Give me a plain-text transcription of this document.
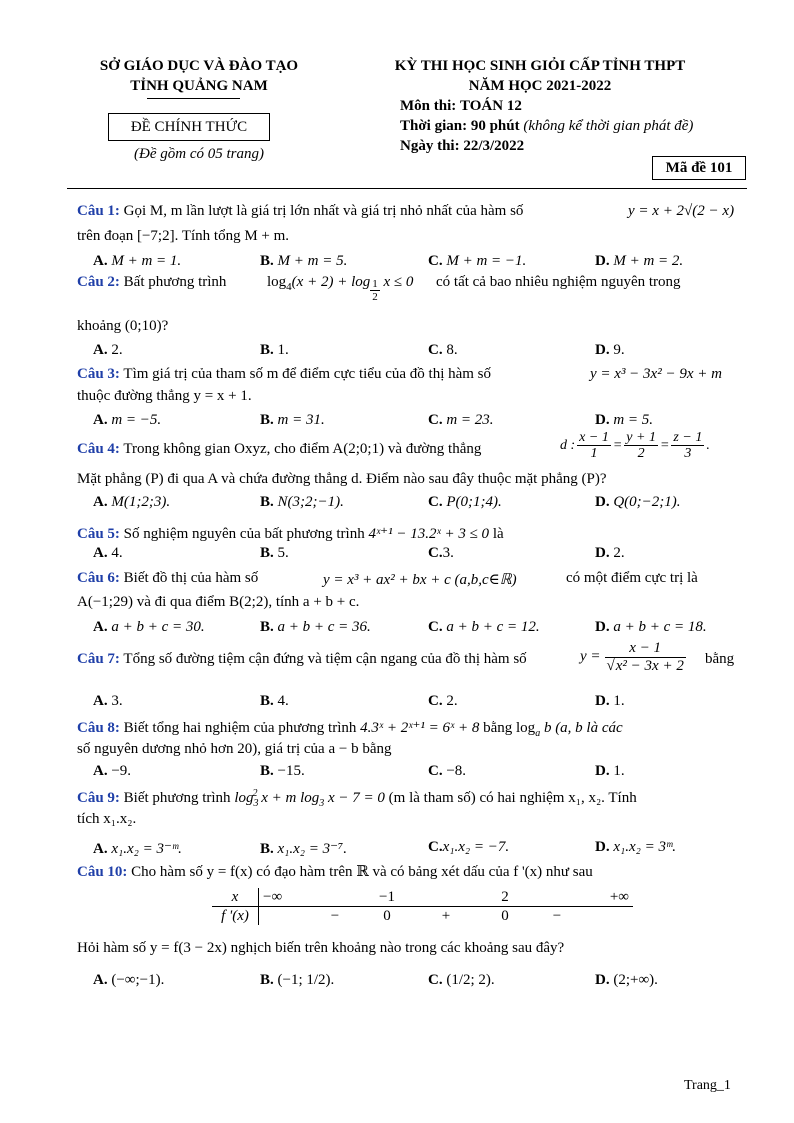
SỞ GIÁO DỤC VÀ ĐÀO TẠO
TỈNH QUẢNG NAM
ĐỀ CHÍNH THỨC
(Đề gồm có 05 trang)
KỲ THI HỌC SINH GIỎI CẤP TỈNH THPT
NĂM HỌC 2021-2022
Môn thi: TOÁN 12
Thời gian: 90 phút (không kể thời gian phát đề)
Ngày thi: 22/3/2022
Mã đề 101
Câu 1: Gọi M, m lần lượt là giá trị lớn nhất và giá trị nhỏ nhất của hàm số	y = x + 2√(2 − x)
trên đoạn [−7;2]. Tính tổng M + m.
A. M + m = 1.	B. M + m = 5.	C. M + m = −1.	D. M + m = 2.
Câu 2: Bất phương trình	$\log_4(x + 2) + \log \frac{1}{2}$ x ≤ 0 có tất cả bao nhiêu nghiệm nguyên trong
khoảng (0;10)?
A. 2.	B. 1.	C. 8.	D. 9.
Câu 3: Tìm giá trị của tham số m để điểm cực tiểu của đồ thị hàm số	y = x³ − 3x² − 9x + m
thuộc đường thẳng y = x + 1.
A. m = −5.	B. m = 31.	C. m = 23.	D. m = 5.
Câu 4: Trong không gian Oxyz, cho điểm A(2;0;1) và đường thẳng	d : $\frac{x - 1}{1} = \frac{y + 1}{2} = \frac{z - 1}{3}$ .
Mặt phẳng (P) đi qua A và chứa đường thẳng d. Điểm nào sau đây thuộc mặt phẳng (P)?
A. M(1;2;3).	B. N(3;2;−1).	C. P(0;1;4).	D. Q(0;−2;1).
Câu 5: Số nghiệm nguyên của bất phương trình 4ˣ⁺¹ − 13.2ˣ + 3 ≤ 0 là
A. 4.	B. 5.	C.3.	D. 2.
Câu 6: Biết đồ thị của hàm số	y = x³ + ax² + bx + c (a,b,c∈ℝ)	có một điểm cực trị là
A(−1;29) và đi qua điểm B(2;2), tính a + b + c.
A. a + b + c = 30.	B. a + b + c = 36.	C. a + b + c = 12.	D. a + b + c = 18.
Câu 7: Tổng số đường tiệm cận đứng và tiệm cận ngang của đồ thị hàm số	$y = \frac{x - 1}{\text{√x² − 3x + 2}}$ bằng
A. 3.	B. 4.	C. 2.	D. 1.
Câu 8: Biết tổng hai nghiệm của phương trình 4.3ˣ + 2ˣ⁺¹ = 6ˣ + 8 bằng $\log_a b$ (a, b là các
số nguyên dương nhỏ hơn 20), giá trị của a − b bằng
A. −9.	B. −15.	C. −8.	D. 1.
Câu 9: Biết phương trình $\log_3^2 x + m$ $\log_3 x - 7 = 0$ (m là tham số) có hai nghiệm x₁, x₂. Tính
tích x₁.x₂.
A. x₁.x₂ = 3⁻ᵐ.	B. x₁.x₂ = 3⁻⁷.	C.x₁.x₂ = −7.	D. x₁.x₂ = 3ᵐ.
Câu 10: Cho hàm số y = f(x) có đạo hàm trên ℝ và có bảng xét dấu của f '(x) như sau
x	−∞		−1		2		+∞
f '(x)		−	0	+	0	−	
Hỏi hàm số y = f(3 − 2x) nghịch biến trên khoảng nào trong các khoảng sau đây?
A. (−∞;−1).	B. (−1; 1/2).	C. (1/2; 2).	D. (2;+∞).
Trang_1
